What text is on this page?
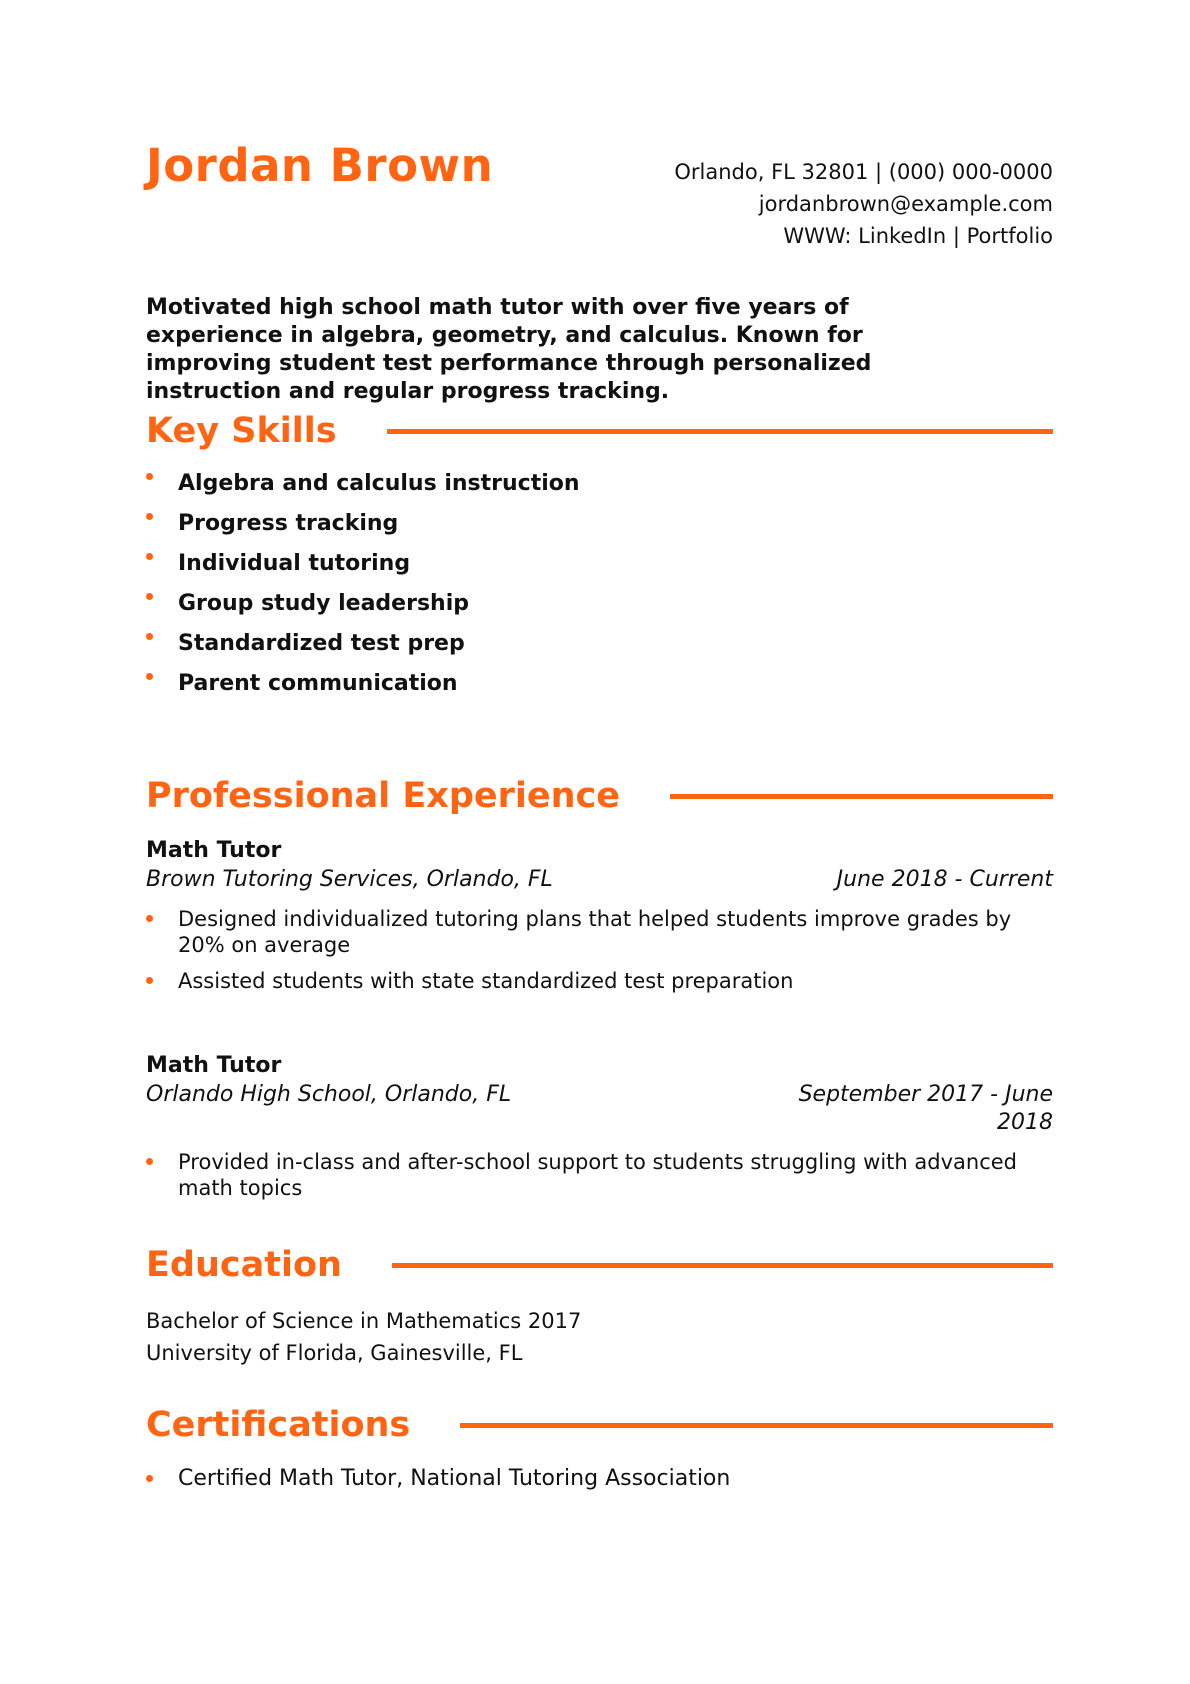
Jordan Brown	Orlando, FL 32801 | (000) 000-0000
jordanbrown@example.com
WWW: LinkedIn | Portfolio

Motivated high school math tutor with over five years of experience in algebra, geometry, and calculus. Known for improving student test performance through personalized instruction and regular progress tracking.

Key Skills
Algebra and calculus instruction
Progress tracking
Individual tutoring
Group study leadership
Standardized test prep
Parent communication
Professional Experience
Math Tutor
Brown Tutoring Services, Orlando, FL	June 2018 - Current
Designed individualized tutoring plans that helped students improve grades by 20% on average
Assisted students with state standardized test preparation
Math Tutor
Orlando High School, Orlando, FL	September 2017 - June 2018
Provided in-class and after-school support to students struggling with advanced math topics
Education
Bachelor of Science in Mathematics 2017
University of Florida, Gainesville, FL
Certifications
Certified Math Tutor, National Tutoring Association
